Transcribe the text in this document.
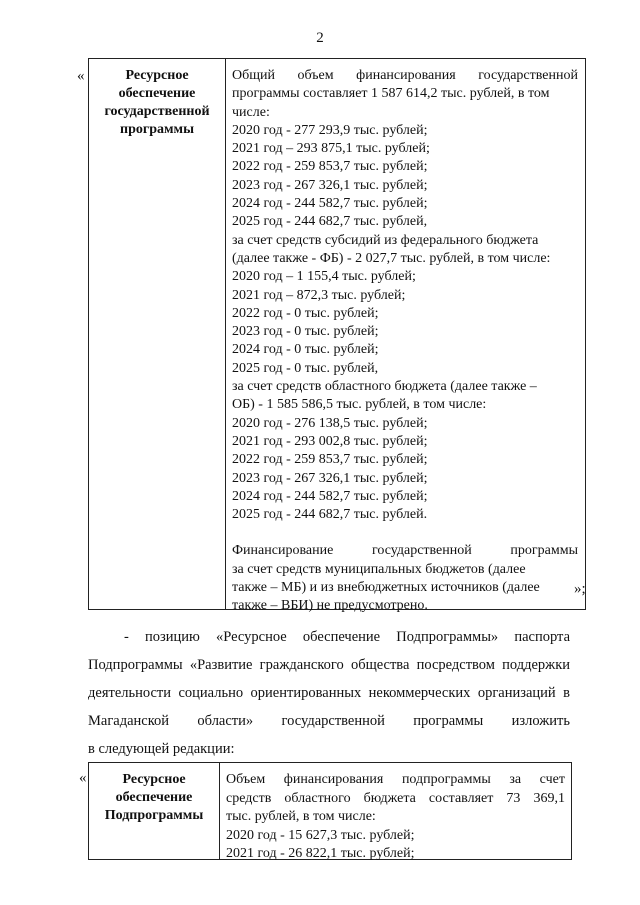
2
«	Ресурсное
обеспечение
государственной
программы
Общий объем финансирования государственной
программы составляет 1 587 614,2 тыс. рублей, в том
числе:
2020 год - 277 293,9 тыс. рублей;
2021 год – 293 875,1 тыс. рублей;
2022 год - 259 853,7 тыс. рублей;
2023 год - 267 326,1 тыс. рублей;
2024 год - 244 582,7 тыс. рублей;
2025 год - 244 682,7 тыс. рублей,
за счет средств субсидий из федерального бюджета
(далее также - ФБ) - 2 027,7 тыс. рублей, в том числе:
2020 год – 1 155,4 тыс. рублей;
2021 год – 872,3 тыс. рублей;
2022 год - 0 тыс. рублей;
2023 год - 0 тыс. рублей;
2024 год - 0 тыс. рублей;
2025 год - 0 тыс. рублей,
за счет средств областного бюджета (далее также –
ОБ) - 1 585 586,5 тыс. рублей, в том числе:
2020 год - 276 138,5 тыс. рублей;
2021 год - 293 002,8 тыс. рублей;
2022 год - 259 853,7 тыс. рублей;
2023 год - 267 326,1 тыс. рублей;
2024 год - 244 582,7 тыс. рублей;
2025 год - 244 682,7 тыс. рублей.
Финансирование государственной программы
за счет средств муниципальных бюджетов (далее
также – МБ) и из внебюджетных источников (далее
также – ВБИ) не предусмотрено.
»;
- позицию «Ресурсное обеспечение Подпрограммы» паспорта
Подпрограммы «Развитие гражданского общества посредством поддержки
деятельности социально ориентированных некоммерческих организаций в
Магаданской области» государственной программы изложить
в следующей редакции:
«	Ресурсное
обеспечение
Подпрограммы
Объем финансирования подпрограммы за счет
средств областного бюджета составляет 73 369,1
тыс. рублей, в том числе:
2020 год - 15 627,3 тыс. рублей;
2021 год - 26 822,1 тыс. рублей;
